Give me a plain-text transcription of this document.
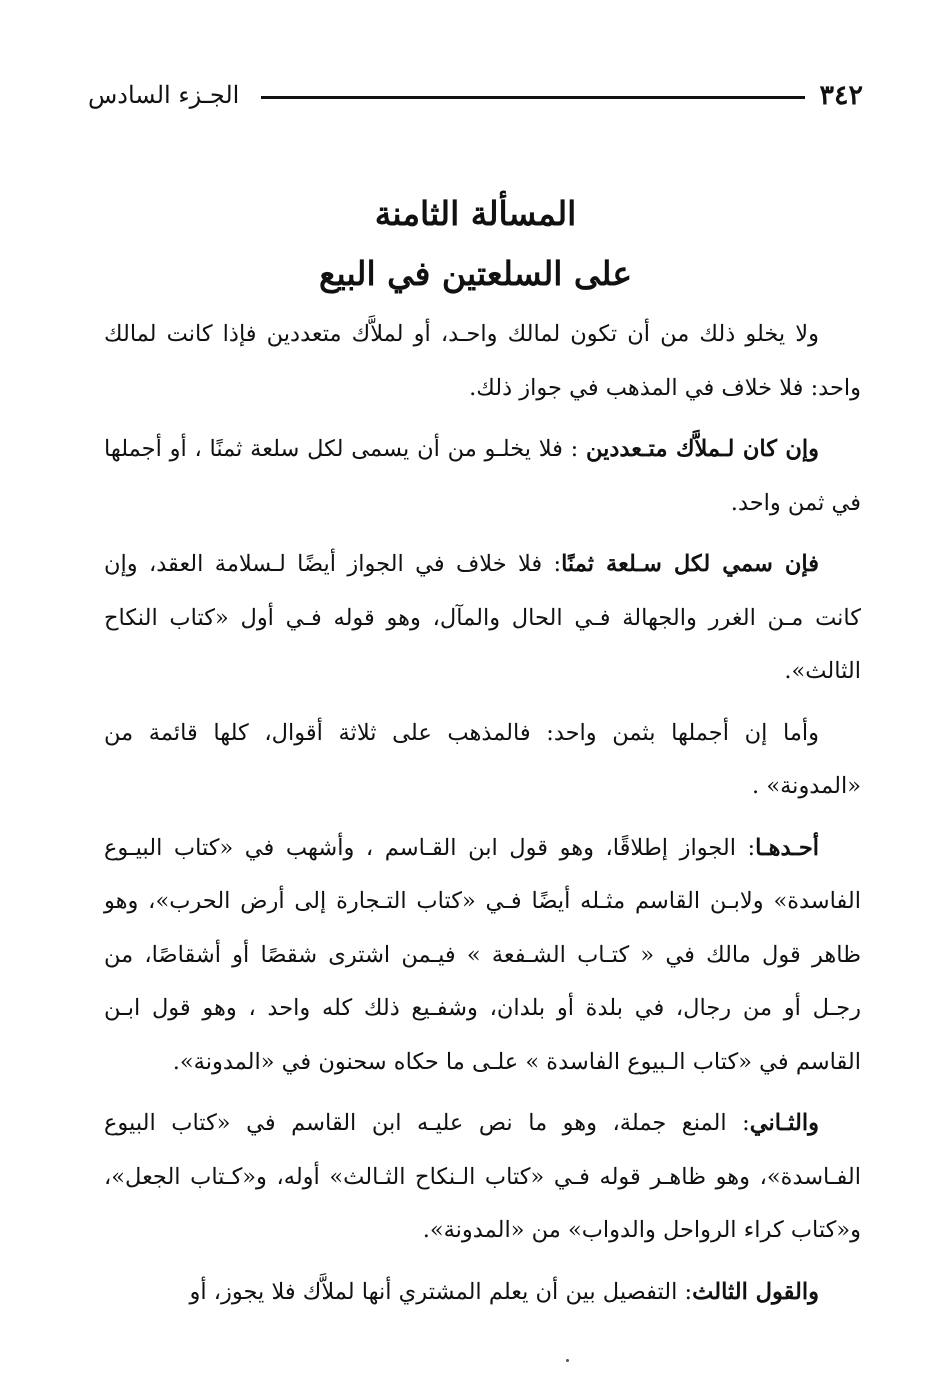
٣٤٢
الجـزء السادس
المسألة الثامنة
على السلعتين في البيع

ولا يخلو ذلك من أن تكون لمالك واحـد، أو لملاَّك متعددين فإذا كانت لمالك واحد: فلا خلاف في المذهب في جواز ذلك.

وإن كان لـملاَّك متـعددين : فلا يخلـو من أن يسمى لكل سلعة ثمنًا ، أو أجملها في ثمن واحد.

فإن سمي لكل سـلعة ثمنًا: فلا خلاف في الجواز أيضًا لـسلامة العقد، وإن كانت مـن الغرر والجهالة فـي الحال والمآل، وهو قوله فـي أول «كتاب النكاح الثالث».

وأما إن أجملها بثمن واحد: فالمذهب على ثلاثة أقوال، كلها قائمة من «المدونة» .

أحـدهـا: الجواز إطلاقًا، وهو قول ابن القـاسم ، وأشهب في «كتاب البيـوع الفاسدة» ولابـن القاسم مثـله أيضًا فـي «كتاب التـجارة إلى أرض الحرب»، وهو ظاهر قول مالك في « كتـاب الشـفعة » فيـمن اشترى شقصًا أو أشقاصًا، من رجـل أو من رجال، في بلدة أو بلدان، وشفـيع ذلك كله واحد ، وهو قول ابـن القاسم في «كتاب الـبيوع الفاسدة » علـى ما حكاه سحنون في «المدونة».

والثـاني: المنع جملة، وهو ما نص عليـه ابن القاسم في «كتاب البيوع الفـاسدة»، وهو ظاهـر قوله فـي «كتاب الـنكاح الثـالث» أوله، و«كـتاب الجعل»، و«كتاب كراء الرواحل والدواب» من «المدونة».

والقول الثالث: التفصيل بين أن يعلم المشتري أنها لملاَّك فلا يجوز، أو
